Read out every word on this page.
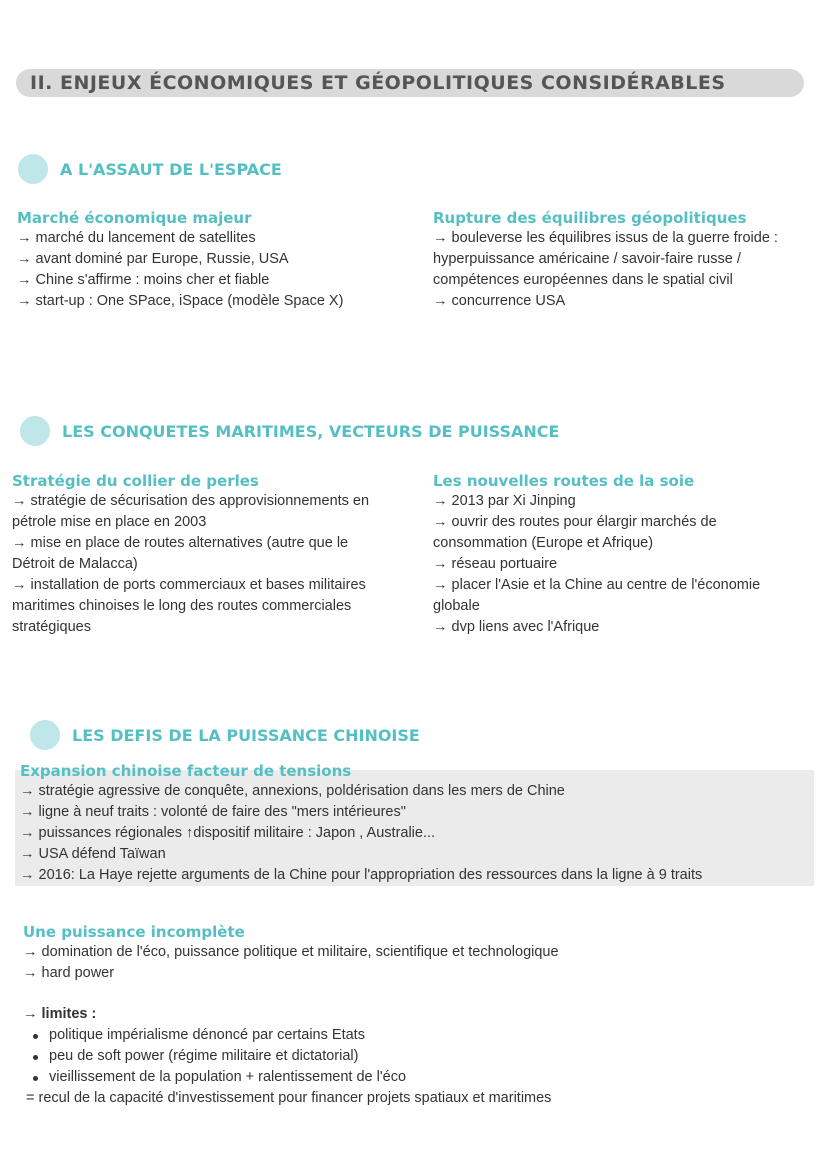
II. ENJEUX ÉCONOMIQUES ET GÉOPOLITIQUES CONSIDÉRABLES
A L'ASSAUT DE L'ESPACE
Marché économique majeur
→ marché du lancement de satellites
→ avant dominé par Europe, Russie, USA
→ Chine s'affirme : moins cher et fiable
→ start-up : One SPace, iSpace (modèle Space X)
Rupture des équilibres géopolitiques
→ bouleverse les équilibres issus de la guerre froide :
hyperpuissance américaine / savoir-faire russe /
compétences européennes dans le spatial civil
→ concurrence USA
LES CONQUETES MARITIMES, VECTEURS DE PUISSANCE
Stratégie du collier de perles
→ stratégie de sécurisation des approvisionnements en
pétrole mise en place en 2003
→ mise en place de routes alternatives (autre que le
Détroit de Malacca)
→ installation de ports commerciaux et bases militaires
maritimes chinoises le long des routes commerciales
stratégiques
Les nouvelles routes de la soie
→ 2013 par Xi Jinping
→ ouvrir des routes pour élargir marchés de
consommation (Europe et Afrique)
→ réseau portuaire
→ placer l'Asie et la Chine au centre de l'économie
globale
→ dvp liens avec l'Afrique
LES DEFIS DE LA PUISSANCE CHINOISE
Expansion chinoise facteur de tensions
→ stratégie agressive de conquête, annexions, poldérisation dans les mers de Chine
→ ligne à neuf traits : volonté de faire des "mers intérieures"
→ puissances régionales ↑dispositif militaire : Japon , Australie...
→ USA défend Taïwan
→ 2016: La Haye rejette arguments de la Chine pour l'appropriation des ressources dans la ligne à 9 traits
Une puissance incomplète
→ domination de l'éco, puissance politique et militaire, scientifique et technologique
→ hard power
→ limites :
politique impérialisme dénoncé par certains Etats
peu de soft power (régime militaire et dictatorial)
vieillissement de la population + ralentissement de l'éco
= recul de la capacité d'investissement pour financer projets spatiaux et maritimes
